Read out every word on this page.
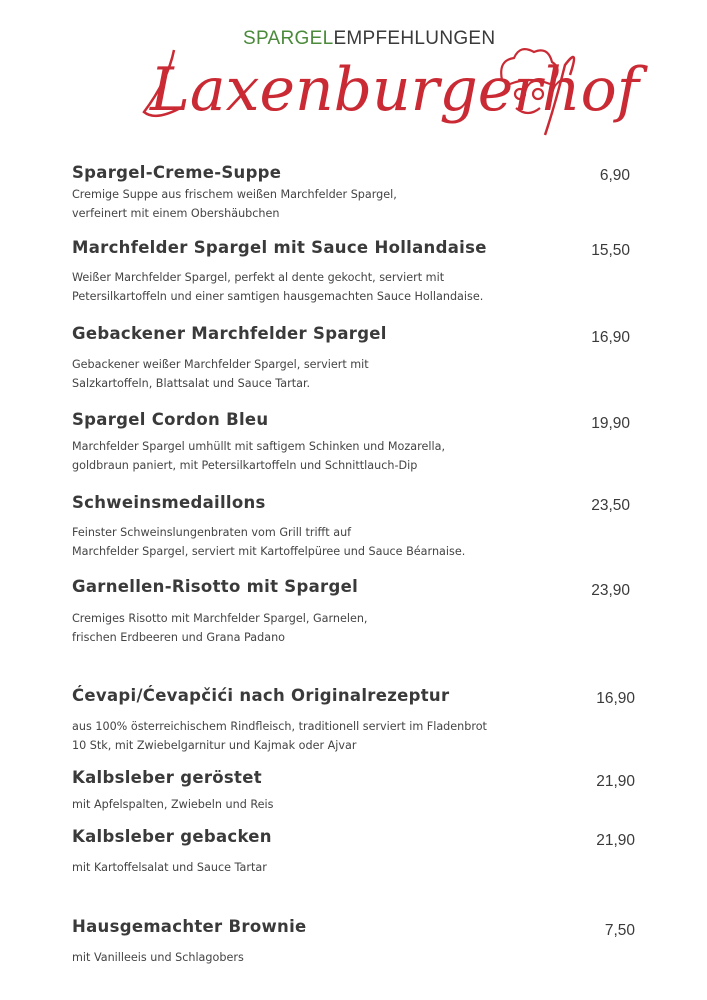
SPARGELEMPFEHLUNGEN
Laxenburgerhof
Spargel-Creme-Suppe	6,90
Cremige Suppe aus frischem weißen Marchfelder Spargel,
verfeinert mit einem Obershäubchen
Marchfelder Spargel mit Sauce Hollandaise	15,50
Weißer Marchfelder Spargel, perfekt al dente gekocht, serviert mit
Petersilkartoffeln und einer samtigen hausgemachten Sauce Hollandaise.
Gebackener Marchfelder Spargel	16,90
Gebackener weißer Marchfelder Spargel, serviert mit
Salzkartoffeln, Blattsalat und Sauce Tartar.
Spargel Cordon Bleu	19,90
Marchfelder Spargel umhüllt mit saftigem Schinken und Mozarella,
goldbraun paniert, mit Petersilkartoffeln und Schnittlauch-Dip
Schweinsmedaillons	23,50
Feinster Schweinslungenbraten vom Grill trifft auf
Marchfelder Spargel, serviert mit Kartoffelpüree und Sauce Béarnaise.
Garnellen-Risotto mit Spargel	23,90
Cremiges Risotto mit Marchfelder Spargel, Garnelen,
frischen Erdbeeren und Grana Padano
Ćevapi/Ćevapčići nach Originalrezeptur	16,90
aus 100% österreichischem Rindfleisch, traditionell serviert im Fladenbrot
10 Stk, mit Zwiebelgarnitur und Kajmak oder Ajvar
Kalbsleber geröstet	21,90
mit Apfelspalten, Zwiebeln und Reis
Kalbsleber gebacken	21,90
mit Kartoffelsalat und Sauce Tartar
Hausgemachter Brownie	7,50
mit Vanilleeis und Schlagobers
